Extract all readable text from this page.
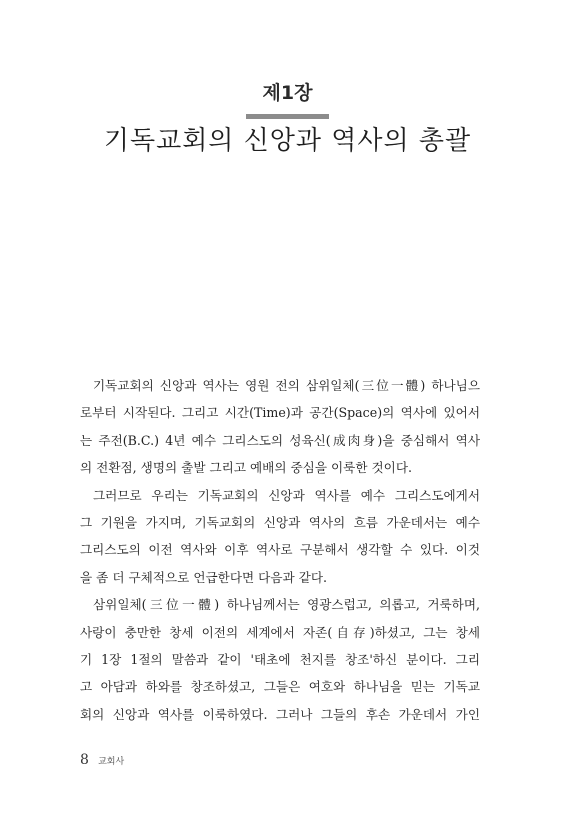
제1장
기독교회의 신앙과 역사의 총괄
기독교회의 신앙과 역사는 영원 전의 삼위일체(三位一體) 하나님으
로부터 시작된다. 그리고 시간(Time)과 공간(Space)의 역사에 있어서
는 주전(B.C.) 4년 예수 그리스도의 성육신(成肉身)을 중심해서 역사
의 전환점, 생명의 출발 그리고 예배의 중심을 이룩한 것이다.
그러므로 우리는 기독교회의 신앙과 역사를 예수 그리스도에게서
그 기원을 가지며, 기독교회의 신앙과 역사의 흐름 가운데서는 예수
그리스도의 이전 역사와 이후 역사로 구분해서 생각할 수 있다. 이것
을 좀 더 구체적으로 언급한다면 다음과 같다.
삼위일체(三位一體) 하나님께서는 영광스럽고, 의롭고, 거룩하며,
사랑이 충만한 창세 이전의 세계에서 자존(自存)하셨고, 그는 창세
기 1장 1절의 말씀과 같이 '태초에 천지를 창조'하신 분이다. 그리
고 아담과 하와를 창조하셨고, 그들은 여호와 하나님을 믿는 기독교
회의 신앙과 역사를 이룩하였다. 그러나 그들의 후손 가운데서 가인
8 교회사
